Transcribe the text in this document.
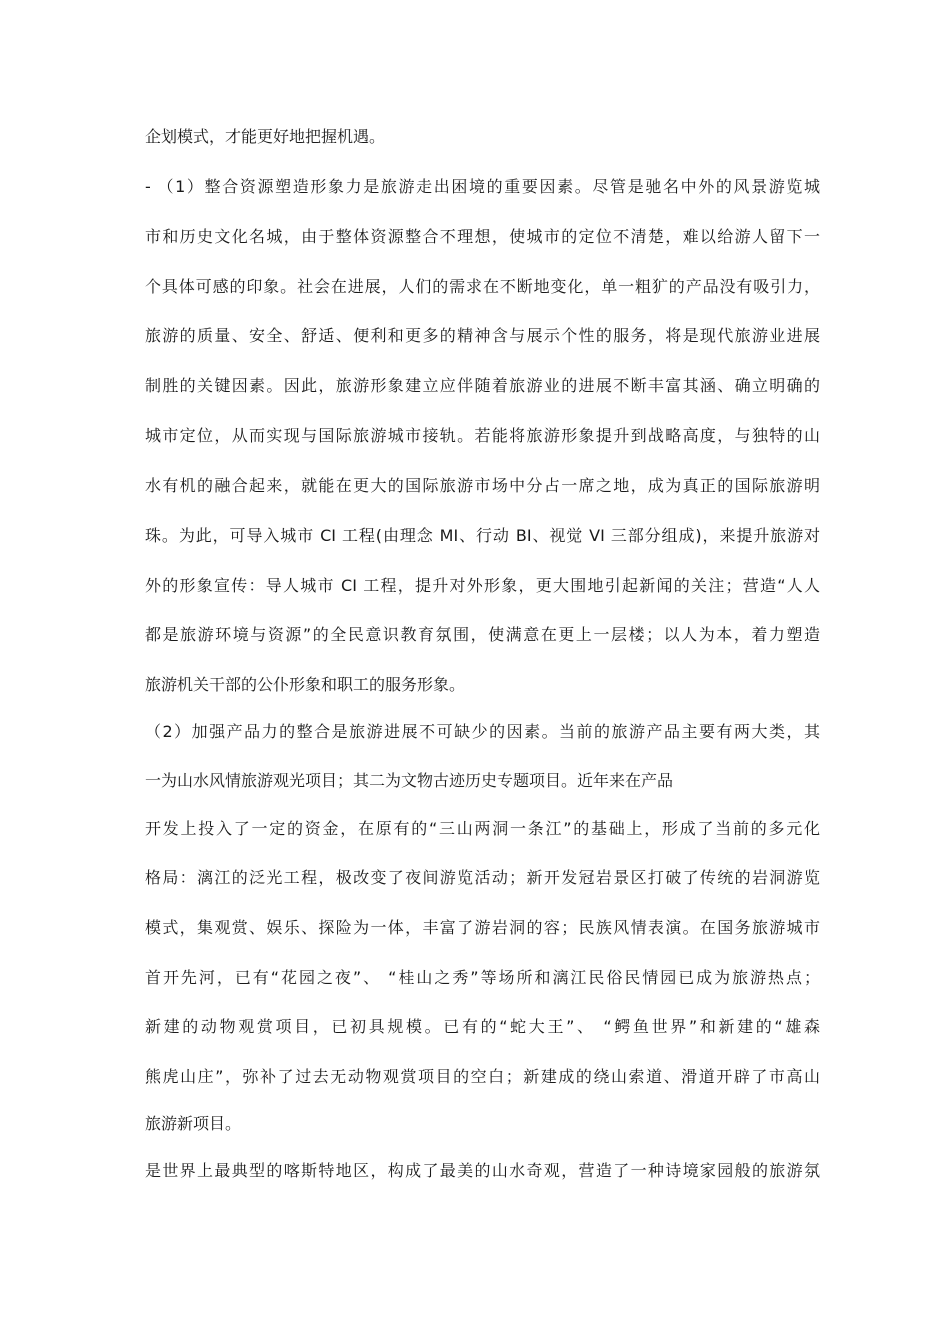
企划模式，才能更好地把握机遇。
- （1）整合资源塑造形象力是旅游走出困境的重要因素。尽管是驰名中外的风景游览城
市和历史文化名城，由于整体资源整合不理想，使城市的定位不清楚，难以给游人留下一
个具体可感的印象。社会在进展，人们的需求在不断地变化，单一粗犷的产品没有吸引力，
旅游的质量、安全、舒适、便利和更多的精神含与展示个性的服务，将是现代旅游业进展
制胜的关键因素。因此，旅游形象建立应伴随着旅游业的进展不断丰富其涵、确立明确的
城市定位，从而实现与国际旅游城市接轨。若能将旅游形象提升到战略高度，与独特的山
水有机的融合起来，就能在更大的国际旅游市场中分占一席之地，成为真正的国际旅游明
珠。为此，可导入城市 CI 工程(由理念 MI、行动 BI、视觉 VI 三部分组成)，来提升旅游对
外的形象宣传：导人城市 CI 工程，提升对外形象，更大围地引起新闻的关注；营造“人人
都是旅游环境与资源”的全民意识教育氛围，使满意在更上一层楼；以人为本，着力塑造
旅游机关干部的公仆形象和职工的服务形象。
（2）加强产品力的整合是旅游进展不可缺少的因素。当前的旅游产品主要有两大类，其
一为山水风情旅游观光项目；其二为文物古迹历史专题项目。近年来在产品
开发上投入了一定的资金，在原有的“三山两洞一条江”的基础上，形成了当前的多元化
格局：漓江的泛光工程，极改变了夜间游览活动；新开发冠岩景区打破了传统的岩洞游览
模式，集观赏、娱乐、探险为一体，丰富了游岩洞的容；民族风情表演。在国务旅游城市
首开先河，已有“花园之夜”、 “桂山之秀”等场所和漓江民俗民情园已成为旅游热点；
新建的动物观赏项目，已初具规模。已有的“蛇大王”、 “鳄鱼世界”和新建的“雄森
熊虎山庄”，弥补了过去无动物观赏项目的空白；新建成的绕山索道、滑道开辟了市高山
旅游新项目。
是世界上最典型的喀斯特地区，构成了最美的山水奇观，营造了一种诗境家园般的旅游氛
